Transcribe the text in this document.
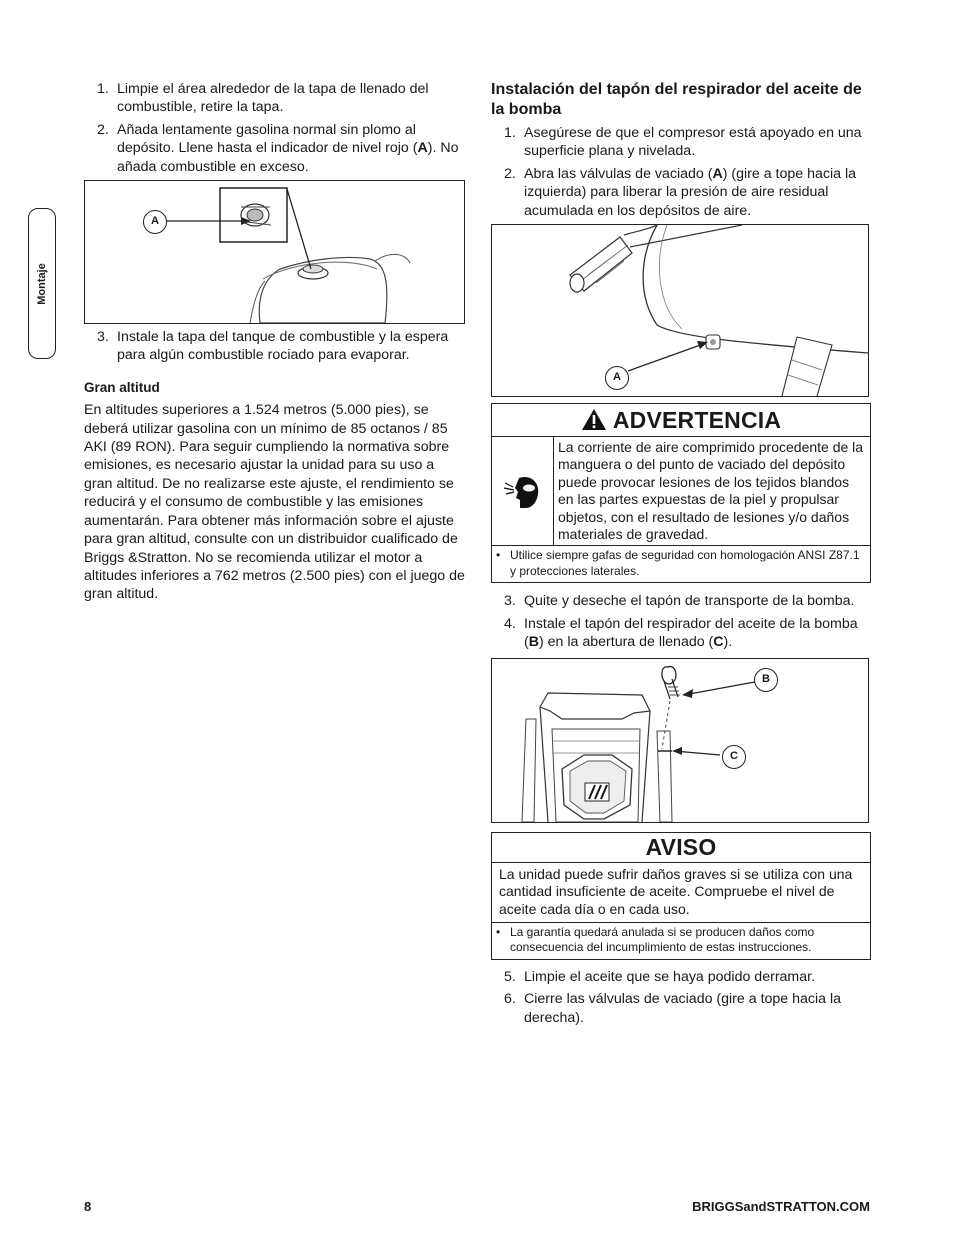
Montaje
1. Limpie el área alrededor de la tapa de llenado del combustible, retire la tapa.
2. Añada lentamente gasolina normal sin plomo al depósito. Llene hasta el indicador de nivel rojo (A). No añada combustible en exceso.
A
3. Instale la tapa del tanque de combustible y la espera para algún combustible rociado para evaporar.
Gran altitud

En altitudes superiores a 1.524 metros (5.000 pies), se deberá utilizar gasolina con un mínimo de 85 octanos / 85 AKI (89 RON). Para seguir cumpliendo la normativa sobre emisiones, es necesario ajustar la unidad para su uso a gran altitud. De no realizarse este ajuste, el rendimiento se reducirá y el consumo de combustible y las emisiones aumentarán. Para obtener más información sobre el ajuste para gran altitud, consulte con un distribuidor cualificado de Briggs &Stratton. No se recomienda utilizar el motor a altitudes inferiores a 762 metros (2.500 pies) con el juego de gran altitud.

Instalación del tapón del respirador del aceite de la bomba
1. Asegúrese de que el compresor está apoyado en una superficie plana y nivelada.
2. Abra las válvulas de vaciado (A) (gire a tope hacia la izquierda) para liberar la presión de aire residual acumulada en los depósitos de aire.
A
ADVERTENCIA
La corriente de aire comprimido procedente de la manguera o del punto de vaciado del depósito puede provocar lesiones de los tejidos blandos en las partes expuestas de la piel y propulsar objetos, con el resultado de lesiones y/o daños materiales de gravedad.
• Utilice siempre gafas de seguridad con homologación ANSI Z87.1 y protecciones laterales.
3. Quite y deseche el tapón de transporte de la bomba.
4. Instale el tapón del respirador del aceite de la bomba (B) en la abertura de llenado (C).
B
C
AVISO
La unidad puede sufrir daños graves si se utiliza con una cantidad insuficiente de aceite. Compruebe el nivel de aceite cada día o en cada uso.
• La garantía quedará anulada si se producen daños como consecuencia del incumplimiento de estas instrucciones.
5. Limpie el aceite que se haya podido derramar.
6. Cierre las válvulas de vaciado (gire a tope hacia la derecha).
8	BRIGGSandSTRATTON.COM
